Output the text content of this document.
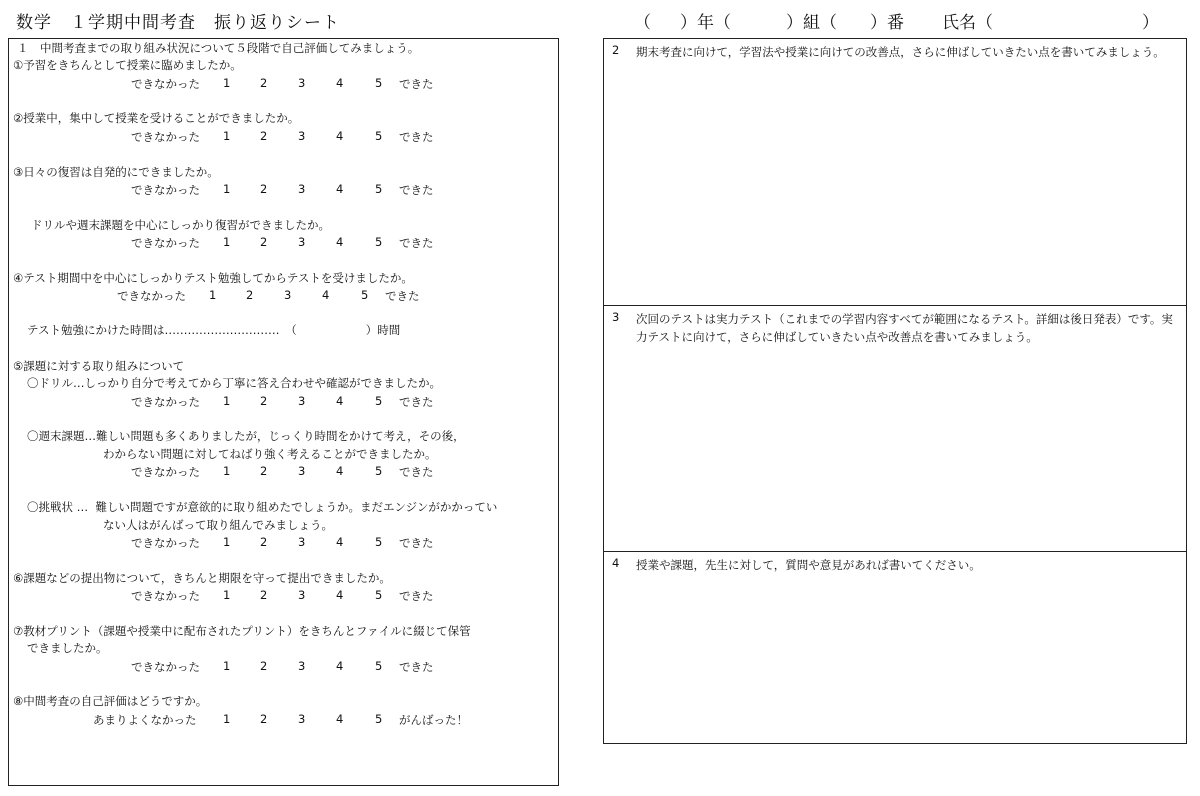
数学　１学期中間考査　振り返りシート

	（

）年（

	）組（

）番

氏名（

	）

１　中間考査までの取り組み状況について５段階で自己評価してみましょう。
①予習をきちんとして授業に臨めましたか。
できなかった 1	2	3	4	5 できた
②授業中，集中して授業を受けることができましたか。
できなかった 1	2	3	4	5 できた
③日々の復習は自発的にできましたか。
できなかった 1	2	3	4	5 できた
ドリルや週末課題を中心にしっかり復習ができましたか。
できなかった 1	2	3	4	5 できた
④テスト期間中を中心にしっかりテスト勉強してからテストを受けましたか。
できなかった 1	2	3	4	5 できた
テスト勉強にかけた時間は…………………………　（　　　　　　）時間
⑤課題に対する取り組みについて
〇ドリル…しっかり自分で考えてから丁寧に答え合わせや確認ができましたか。
できなかった 1	2	3	4	5 できた
〇週末課題…難しい問題も多くありましたが，じっくり時間をかけて考え，その後，
わからない問題に対してねばり強く考えることができましたか。
できなかった 1	2	3	4	5 できた
〇挑戦状 …  難しい問題ですが意欲的に取り組めたでしょうか。まだエンジンがかかってい
ない人はがんばって取り組んでみましょう。
できなかった 1	2	3	4	5 できた
⑥課題などの提出物について，きちんと期限を守って提出できましたか。
できなかった 1	2	3	4	5 できた
⑦教材プリント（課題や授業中に配布されたプリント）をきちんとファイルに綴じて保管
できましたか。
できなかった 1	2	3	4	5 できた
⑧中間考査の自己評価はどうですか。
あまりよくなかった 1	2	3	4	5 がんばった！
2 期末考査に向けて，学習法や授業に向けての改善点，さらに伸ばしていきたい点を書いてみましょう。
3 次回のテストは実力テスト（これまでの学習内容すべてが範囲になるテスト。詳細は後日発表）です。実力テストに向けて，さらに伸ばしていきたい点や改善点を書いてみましょう。
4 授業や課題，先生に対して，質問や意見があれば書いてください。
